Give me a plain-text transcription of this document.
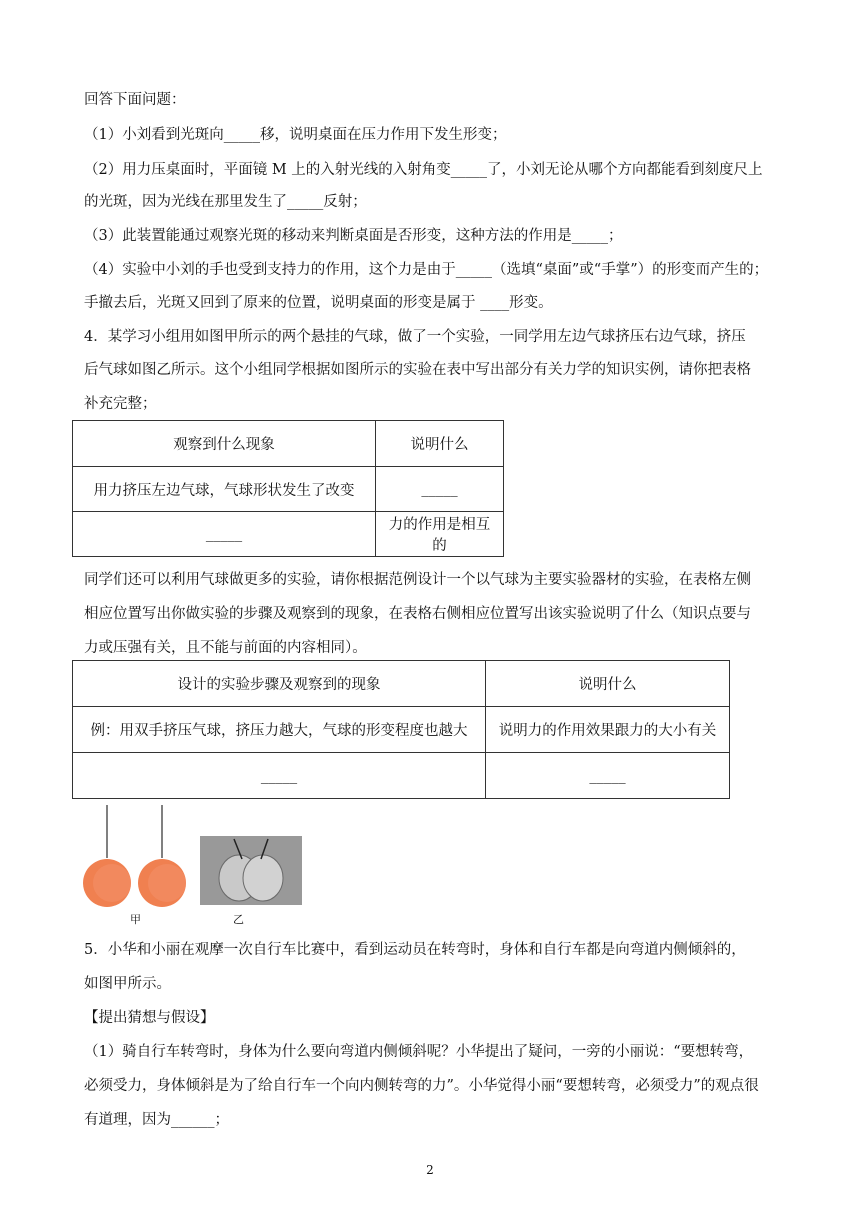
回答下面问题：
（1）小刘看到光斑向_____移，说明桌面在压力作用下发生形变；
（2）用力压桌面时，平面镜 M 上的入射光线的入射角变_____了，小刘无论从哪个方向都能看到刻度尺上
的光斑，因为光线在那里发生了_____反射；
（3）此装置能通过观察光斑的移动来判断桌面是否形变，这种方法的作用是_____；
（4）实验中小刘的手也受到支持力的作用，这个力是由于_____（选填“桌面”或“手掌”）的形变而产生的；
手撤去后，光斑又回到了原来的位置，说明桌面的形变是属于 ____形变。
4．某学习小组用如图甲所示的两个悬挂的气球，做了一个实验，一同学用左边气球挤压右边气球，挤压
后气球如图乙所示。这个小组同学根据如图所示的实验在表中写出部分有关力学的知识实例，请你把表格
补充完整；
观察到什么现象	说明什么
用力挤压左边气球，气球形状发生了改变	_____
_____	力的作用是相互的
同学们还可以利用气球做更多的实验，请你根据范例设计一个以气球为主要实验器材的实验，在表格左侧
相应位置写出你做实验的步骤及观察到的现象，在表格右侧相应位置写出该实验说明了什么（知识点要与
力或压强有关，且不能与前面的内容相同）。
设计的实验步骤及观察到的现象	说明什么
例：用双手挤压气球，挤压力越大，气球的形变程度也越大	说明力的作用效果跟力的大小有关
_____	_____
甲	乙
5．小华和小丽在观摩一次自行车比赛中，看到运动员在转弯时，身体和自行车都是向弯道内侧倾斜的，
如图甲所示。
【提出猜想与假设】
（1）骑自行车转弯时，身体为什么要向弯道内侧倾斜呢？小华提出了疑问，一旁的小丽说：“要想转弯，
必须受力，身体倾斜是为了给自行车一个向内侧转弯的力”。小华觉得小丽“要想转弯，必须受力”的观点很
有道理，因为______；
2
